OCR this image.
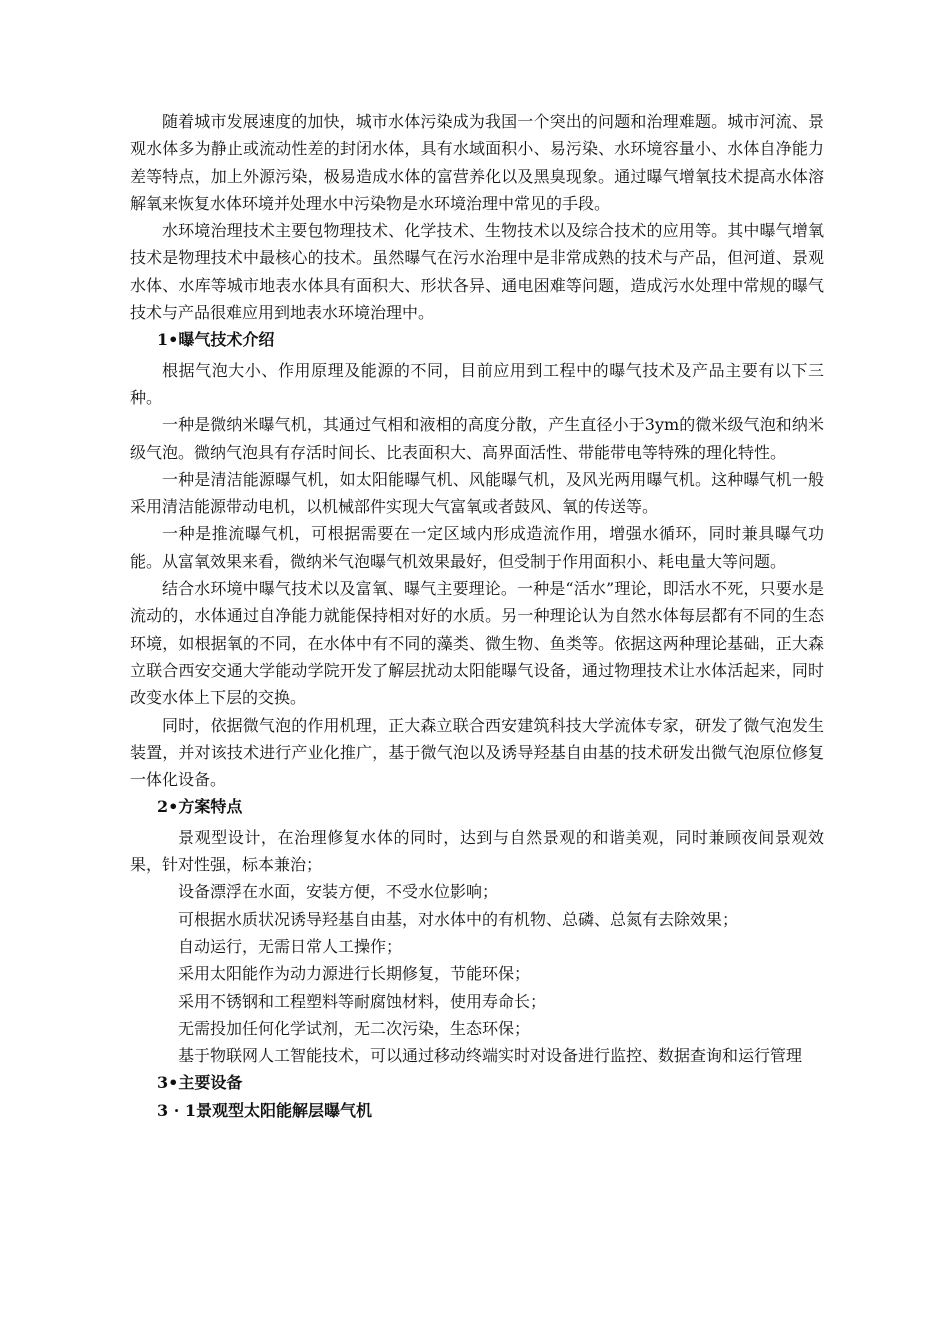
随着城市发展速度的加快，城市水体污染成为我国一个突出的问题和治理难题。城市河流、景观水体多为静止或流动性差的封闭水体，具有水域面积小、易污染、水环境容量小、水体自净能力差等特点，加上外源污染，极易造成水体的富营养化以及黑臭现象。通过曝气增氧技术提高水体溶解氧来恢复水体环境并处理水中污染物是水环境治理中常见的手段。

水环境治理技术主要包物理技术、化学技术、生物技术以及综合技术的应用等。其中曝气增氧技术是物理技术中最核心的技术。虽然曝气在污水治理中是非常成熟的技术与产品，但河道、景观水体、水库等城市地表水体具有面积大、形状各异、通电困难等问题，造成污水处理中常规的曝气技术与产品很难应用到地表水环境治理中。

1•曝气技术介绍

根据气泡大小、作用原理及能源的不同，目前应用到工程中的曝气技术及产品主要有以下三种。

一种是微纳米曝气机，其通过气相和液相的高度分散，产生直径小于3ym的微米级气泡和纳米级气泡。微纳气泡具有存活时间长、比表面积大、高界面活性、带能带电等特殊的理化特性。

一种是清洁能源曝气机，如太阳能曝气机、风能曝气机，及风光两用曝气机。这种曝气机一般采用清洁能源带动电机，以机械部件实现大气富氧或者鼓风、氧的传送等。

一种是推流曝气机，可根据需要在一定区域内形成造流作用，增强水循环，同时兼具曝气功能。从富氧效果来看，微纳米气泡曝气机效果最好，但受制于作用面积小、耗电量大等问题。

结合水环境中曝气技术以及富氧、曝气主要理论。一种是“活水”理论，即活水不死，只要水是流动的，水体通过自净能力就能保持相对好的水质。另一种理论认为自然水体每层都有不同的生态环境，如根据氧的不同，在水体中有不同的藻类、微生物、鱼类等。依据这两种理论基础，正大森立联合西安交通大学能动学院开发了解层扰动太阳能曝气设备，通过物理技术让水体活起来，同时改变水体上下层的交换。

同时，依据微气泡的作用机理，正大森立联合西安建筑科技大学流体专家，研发了微气泡发生装置，并对该技术进行产业化推广，基于微气泡以及诱导羟基自由基的技术研发出微气泡原位修复一体化设备。

2•方案特点

景观型设计，在治理修复水体的同时，达到与自然景观的和谐美观，同时兼顾夜间景观效果，针对性强，标本兼治；

设备漂浮在水面，安装方便，不受水位影响；

可根据水质状况诱导羟基自由基，对水体中的有机物、总磷、总氮有去除效果；

自动运行，无需日常人工操作；

采用太阳能作为动力源进行长期修复，节能环保；

采用不锈钢和工程塑料等耐腐蚀材料，使用寿命长；

无需投加任何化学试剂，无二次污染，生态环保；

基于物联网人工智能技术，可以通过移动终端实时对设备进行监控、数据查询和运行管理

3•主要设备

3 · 1景观型太阳能解层曝气机
